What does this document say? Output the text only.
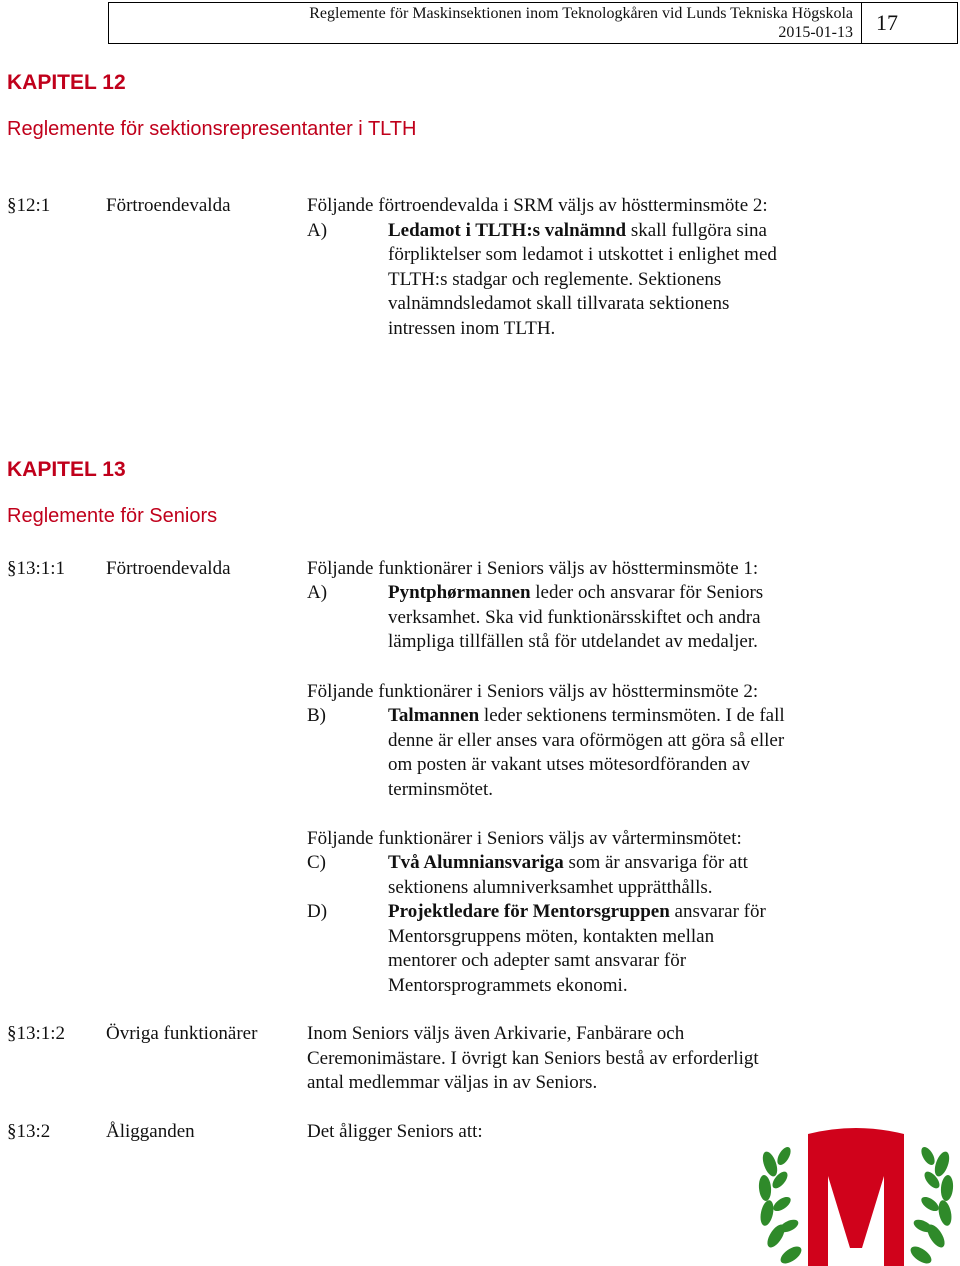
Reglemente för Maskinsektionen inom Teknologkåren vid Lunds Tekniska Högskola
2015-01-13	17
KAPITEL 12
Reglemente för sektionsrepresentanter i TLTH
§12:1	Förtroendevalda	Följande förtroendevalda i SRM väljs av höstterminsmöte 2:
A)	Ledamot i TLTH:s valnämnd skall fullgöra sina
förpliktelser som ledamot i utskottet i enlighet med
TLTH:s stadgar och reglemente. Sektionens
valnämndsledamot skall tillvarata sektionens
intressen inom TLTH.
KAPITEL 13
Reglemente för Seniors
§13:1:1 Förtroendevalda	Följande funktionärer i Seniors väljs av höstterminsmöte 1:
A)	Pyntphørmannen leder och ansvarar för Seniors
verksamhet. Ska vid funktionärsskiftet och andra
lämpliga tillfällen stå för utdelandet av medaljer.
Följande funktionärer i Seniors väljs av höstterminsmöte 2:
B)	Talmannen leder sektionens terminsmöten. I de fall
denne är eller anses vara oförmögen att göra så eller
om posten är vakant utses mötesordföranden av
terminsmötet.
Följande funktionärer i Seniors väljs av vårterminsmötet:
C)	Två Alumniansvariga som är ansvariga för att
sektionens alumniverksamhet upprätthålls.
D)	Projektledare för Mentorsgruppen ansvarar för
Mentorsgruppens möten, kontakten mellan
mentorer och adepter samt ansvarar för
Mentorsprogrammets ekonomi.
§13:1:2 Övriga funktionärer	Inom Seniors väljs även Arkivarie, Fanbärare och
Ceremonimästare. I övrigt kan Seniors bestå av erforderligt
antal medlemmar väljas in av Seniors.
§13:2	Åligganden	Det åligger Seniors att:
